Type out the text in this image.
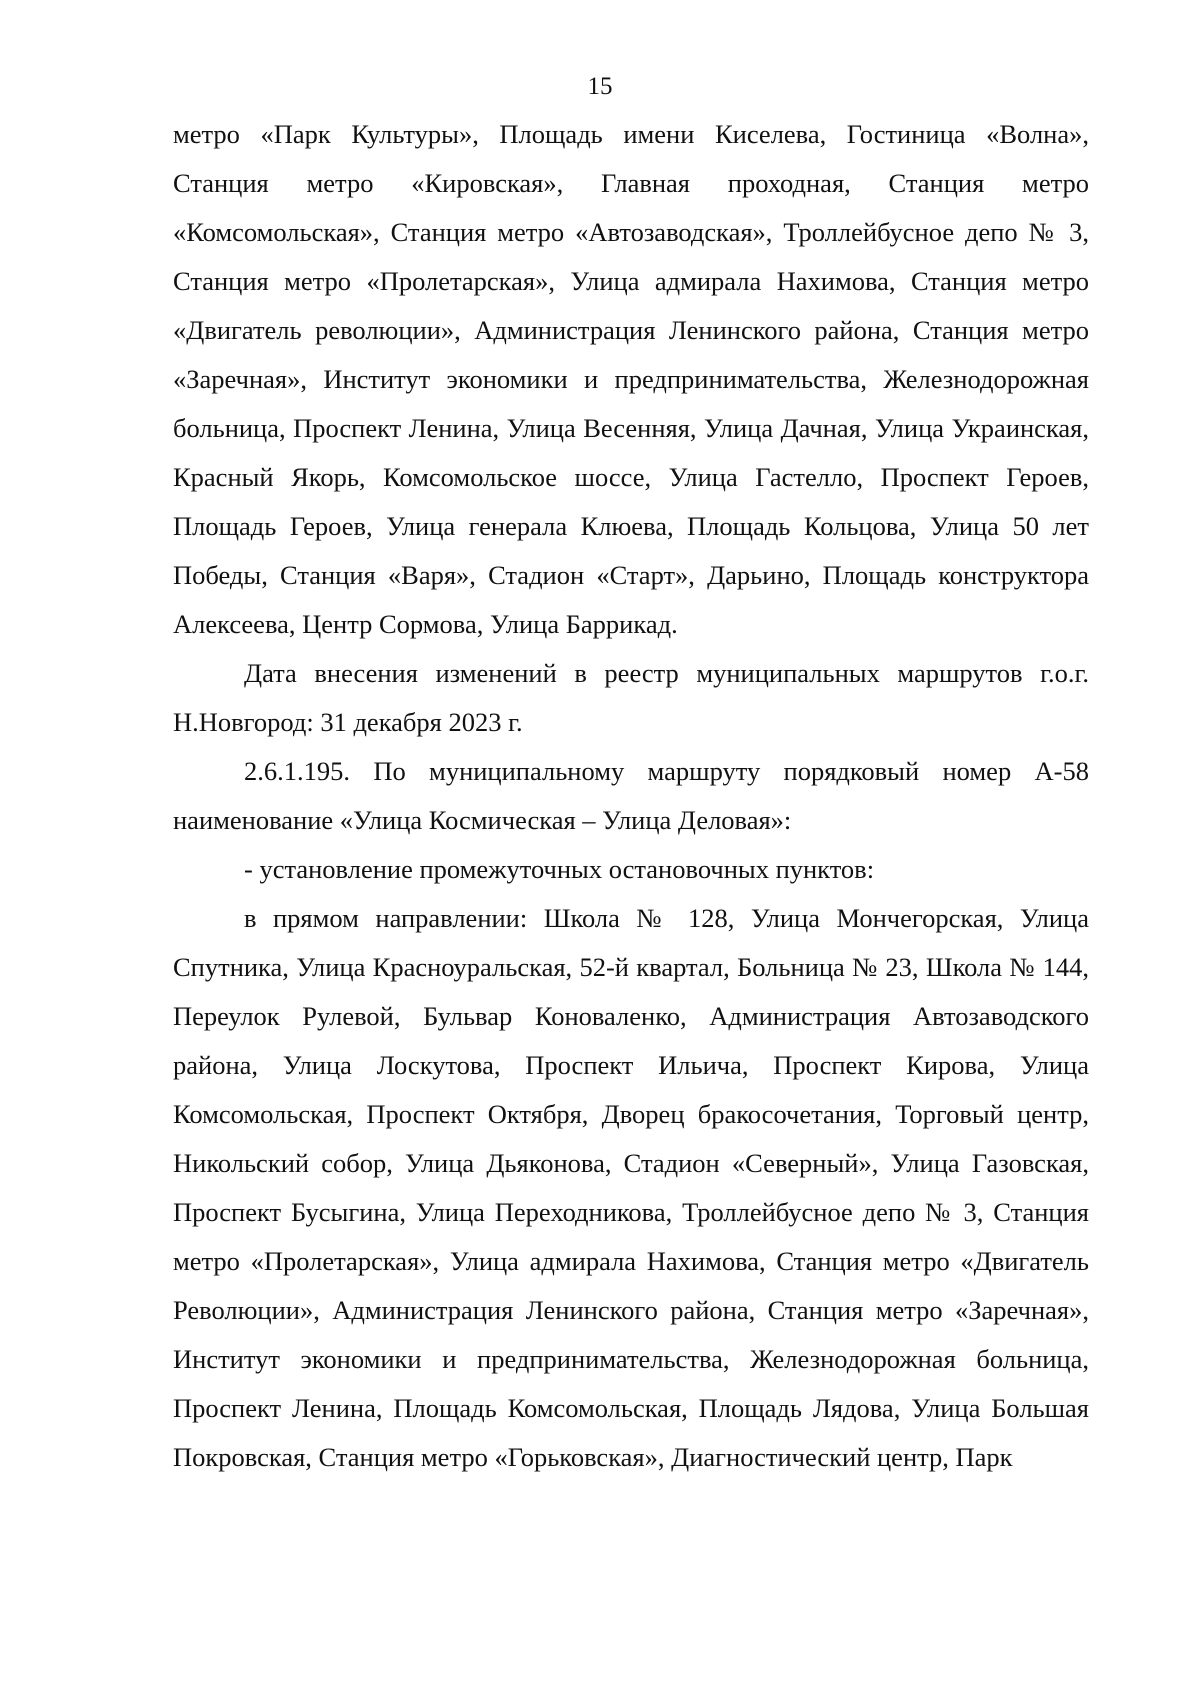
15

метро «Парк Культуры», Площадь имени Киселева, Гостиница «Волна», Станция метро «Кировская», Главная проходная, Станция метро «Комсомольская», Станция метро «Автозаводская», Троллейбусное депо № 3, Станция метро «Пролетарская», Улица адмирала Нахимова, Станция метро «Двигатель революции», Администрация Ленинского района, Станция метро «Заречная», Институт экономики и предпринимательства, Железнодорожная больница, Проспект Ленина, Улица Весенняя, Улица Дачная, Улица Украинская, Красный Якорь, Комсомольское шоссе, Улица Гастелло, Проспект Героев, Площадь Героев, Улица генерала Клюева, Площадь Кольцова, Улица 50 лет Победы, Станция «Варя», Стадион «Старт», Дарьино, Площадь конструктора Алексеева, Центр Сормова, Улица Баррикад.

Дата внесения изменений в реестр муниципальных маршрутов г.о.г. Н.Новгород: 31 декабря 2023 г.

2.6.1.195. По муниципальному маршруту порядковый номер А-58 наименование «Улица Космическая – Улица Деловая»:

- установление промежуточных остановочных пунктов:

в прямом направлении: Школа № 128, Улица Мончегорская, Улица Спутника, Улица Красноуральская, 52-й квартал, Больница № 23, Школа № 144, Переулок Рулевой, Бульвар Коноваленко, Администрация Автозаводского района, Улица Лоскутова, Проспект Ильича, Проспект Кирова, Улица Комсомольская, Проспект Октября, Дворец бракосочетания, Торговый центр, Никольский собор, Улица Дьяконова, Стадион «Северный», Улица Газовская, Проспект Бусыгина, Улица Переходникова, Троллейбусное депо № 3, Станция метро «Пролетарская», Улица адмирала Нахимова, Станция метро «Двигатель Революции», Администрация Ленинского района, Станция метро «Заречная», Институт экономики и предпринимательства, Железнодорожная больница, Проспект Ленина, Площадь Комсомольская, Площадь Лядова, Улица Большая Покровская, Станция метро «Горьковская», Диагностический центр, Парк
